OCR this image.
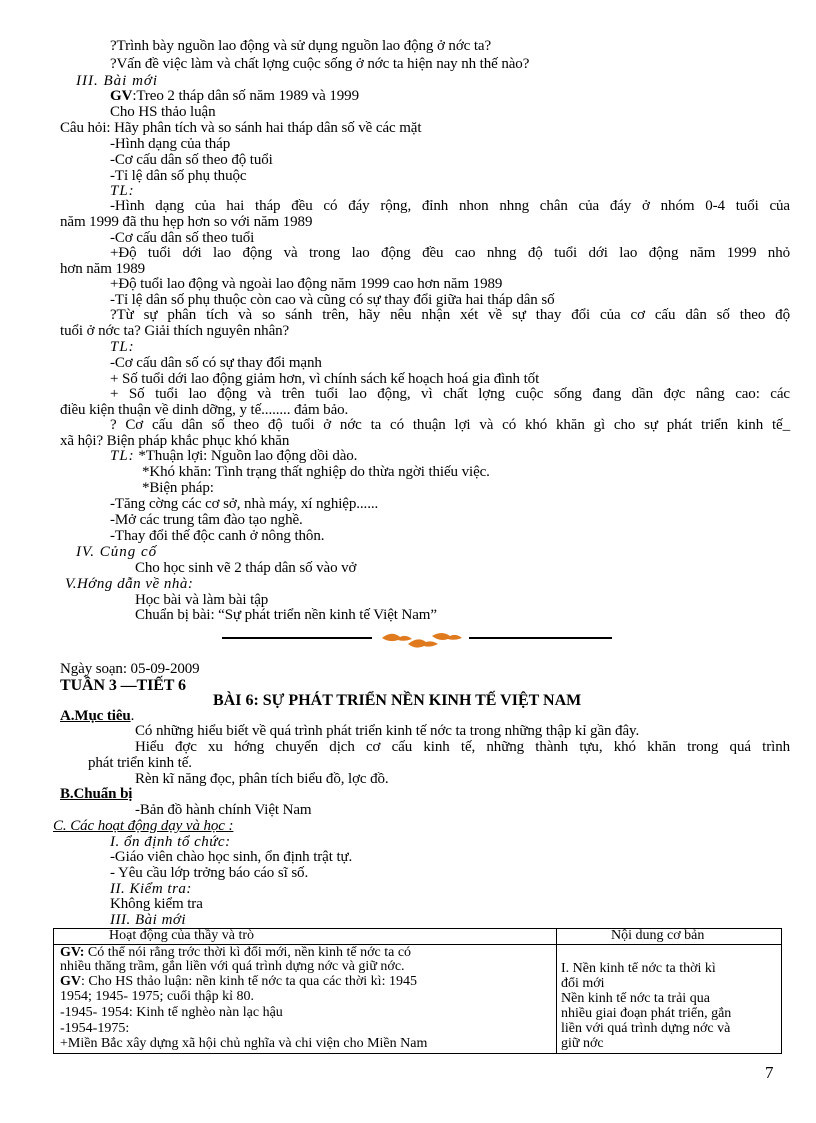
?Trình bày nguồn lao động và sử dụng nguồn lao động ở nớc ta?
?Vấn đề việc làm và chất lợng cuộc sống ở nớc ta hiện nay nh thế nào?
III. Bài mới
GV:Treo 2 tháp dân số năm 1989 và 1999
Cho HS thảo luận
Câu hỏi: Hãy phân tích và so sánh hai tháp dân số về các mặt
-Hình dạng của tháp
-Cơ cấu dân số theo độ tuổi
-Tỉ lệ dân số phụ thuộc
TL:
-Hình dạng của hai tháp đều có đáy rộng, đỉnh nhon nhng chân của đáy ở nhóm 0-4 tuổi của
năm 1999 đã thu hẹp hơn so với năm 1989
-Cơ cấu dân số theo tuổi
+Độ tuổi dới lao động và trong lao động đều cao nhng độ tuổi dới lao động năm 1999 nhỏ
hơn năm 1989
+Độ tuổi lao động và ngoài lao động năm 1999 cao hơn năm 1989
-Tỉ lệ dân số phụ thuộc còn cao và cũng có sự thay đổi giữa hai tháp dân số
?Từ sự phân tích và so sánh trên, hãy nêu nhận xét về sự thay đổi của cơ cấu dân số theo độ
tuổi ở nớc ta? Giải thích nguyên nhân?
TL:
-Cơ cấu dân số có sự thay đổi mạnh
+ Số tuổi dới lao động giảm hơn, vì chính sách kế hoạch hoá gia đình tốt
+ Số tuổi lao động và trên tuổi lao động, vì chất lợng cuộc sống đang dần đợc nâng cao: các
điều kiện thuận về dinh dỡng, y tế........ đảm bảo.
? Cơ cấu dân số theo độ tuổi ở nớc ta có thuận lợi và có khó khăn gì cho sự phát triển kinh tế_
xã hội? Biện pháp khắc phục khó khăn
TL: *Thuận lợi: Nguồn lao động dồi dào.
*Khó khăn: Tình trạng thất nghiệp do thừa ngời thiếu việc.
*Biện pháp:
-Tăng cờng các cơ sở, nhà máy, xí nghiệp......
-Mở các trung tâm đào tạo nghề.
-Thay đổi thế độc canh ở nông thôn.
IV. Củng cố
Cho học sinh vẽ 2 tháp dân số vào vở
V.Hớng dẫn về nhà:
Học bài và làm bài tập
Chuẩn bị bài: “Sự phát triển nền kinh tế Việt Nam”
Ngày soạn: 05-09-2009
TUẦN 3 —TIẾT 6
BÀI 6: SỰ PHÁT TRIỂN NỀN KINH TẾ VIỆT NAM
A.Mục tiêu.
Có những hiểu biết về quá trình phát triển kinh tế nớc ta trong những thập kỉ gần đây.
Hiểu đợc xu hớng chuyển dịch cơ cấu kinh tế, những thành tựu, khó khăn trong quá trình
phát triển kinh tế.
Rèn kĩ năng đọc, phân tích biểu đồ, lợc đồ.
B.Chuẩn bị
-Bản đồ hành chính Việt Nam
C. Các hoạt động dạy và học :
I. ổn định tổ chức:
-Giáo viên chào học sinh, ổn định trật tự.
- Yêu cầu lớp trởng báo cáo sĩ số.
II. Kiểm tra:
Không kiểm tra
III. Bài mới
Hoạt động của thầy và trò	Nội dung cơ bản
GV: Có thể nói rằng trớc thời kì đổi mới, nền kinh tế nớc ta có
nhiều thăng trầm, gắn liền với quá trình dựng nớc và giữ nớc.
GV: Cho HS thảo luận: nền kinh tế nớc ta qua các thời kì: 1945
1954; 1945- 1975; cuối thập kỉ 80.
-1945- 1954: Kinh tế nghèo nàn lạc hậu
-1954-1975:
+Miền Bắc xây dựng xã hội chủ nghĩa và chi viện cho Miền Nam
I. Nền kinh tế nớc ta thời kì
đổi mới
Nền kinh tế nớc ta trải qua
nhiều giai đoạn phát triển, gắn
liền với quá trình dựng nớc và
giữ nớc
7
